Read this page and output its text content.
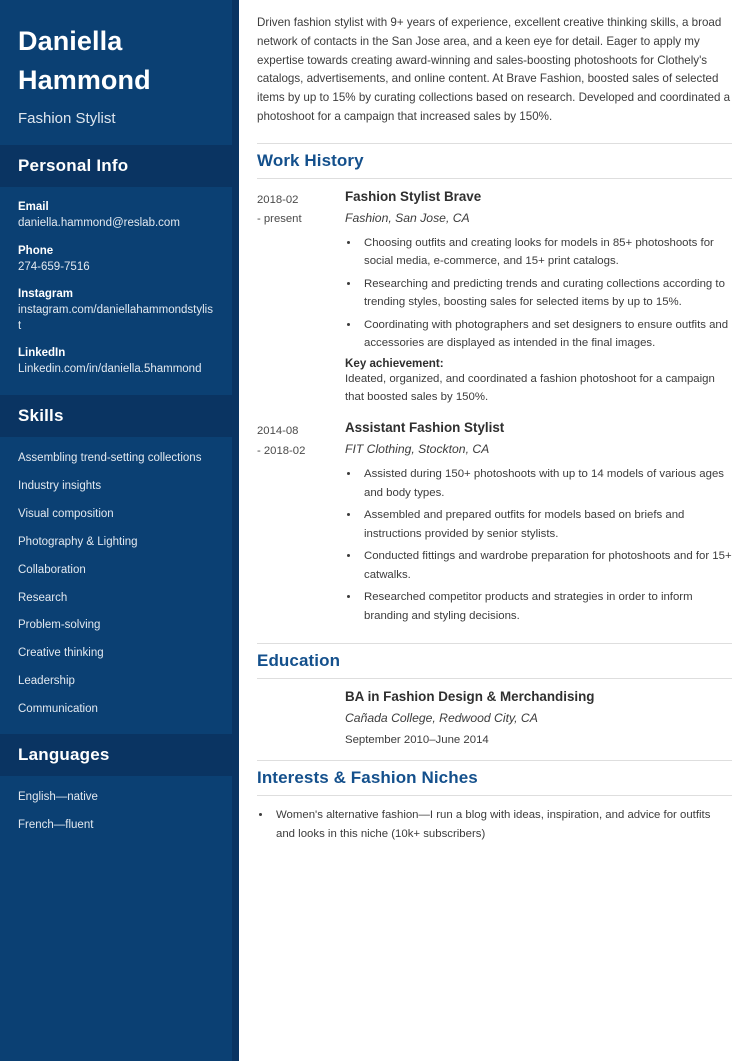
Daniella Hammond
Fashion Stylist
Personal Info
Email
daniella.hammond@reslab.com
Phone
274-659-7516
Instagram
instagram.com/daniellahammondstylist
LinkedIn
Linkedin.com/in/daniella.5hammond
Skills
Assembling trend-setting collections
Industry insights
Visual composition
Photography & Lighting
Collaboration
Research
Problem-solving
Creative thinking
Leadership
Communication
Languages
English—native
French—fluent

Driven fashion stylist with 9+ years of experience, excellent creative thinking skills, a broad network of contacts in the San Jose area, and a keen eye for detail. Eager to apply my expertise towards creating award-winning and sales-boosting photoshoots for Clothely's catalogs, advertisements, and online content. At Brave Fashion, boosted sales of selected items by up to 15% by curating collections based on research. Developed and coordinated a photoshoot for a campaign that increased sales by 150%.

Work History
2018-02
- present
Fashion Stylist Brave
Fashion, San Jose, CA
• Choosing outfits and creating looks for models in 85+ photoshoots for social media, e-commerce, and 15+ print catalogs.
• Researching and predicting trends and curating collections according to trending styles, boosting sales for selected items by up to 15%.
• Coordinating with photographers and set designers to ensure outfits and accessories are displayed as intended in the final images.
Key achievement:
Ideated, organized, and coordinated a fashion photoshoot for a campaign that boosted sales by 150%.
2014-08
- 2018-02
Assistant Fashion Stylist
FIT Clothing, Stockton, CA
• Assisted during 150+ photoshoots with up to 14 models of various ages and body types.
• Assembled and prepared outfits for models based on briefs and instructions provided by senior stylists.
• Conducted fittings and wardrobe preparation for photoshoots and for 15+ catwalks.
• Researched competitor products and strategies in order to inform branding and styling decisions.
Education
BA in Fashion Design & Merchandising
Cañada College, Redwood City, CA
September 2010–June 2014
Interests & Fashion Niches
• Women's alternative fashion—I run a blog with ideas, inspiration, and advice for outfits and looks in this niche (10k+ subscribers)
